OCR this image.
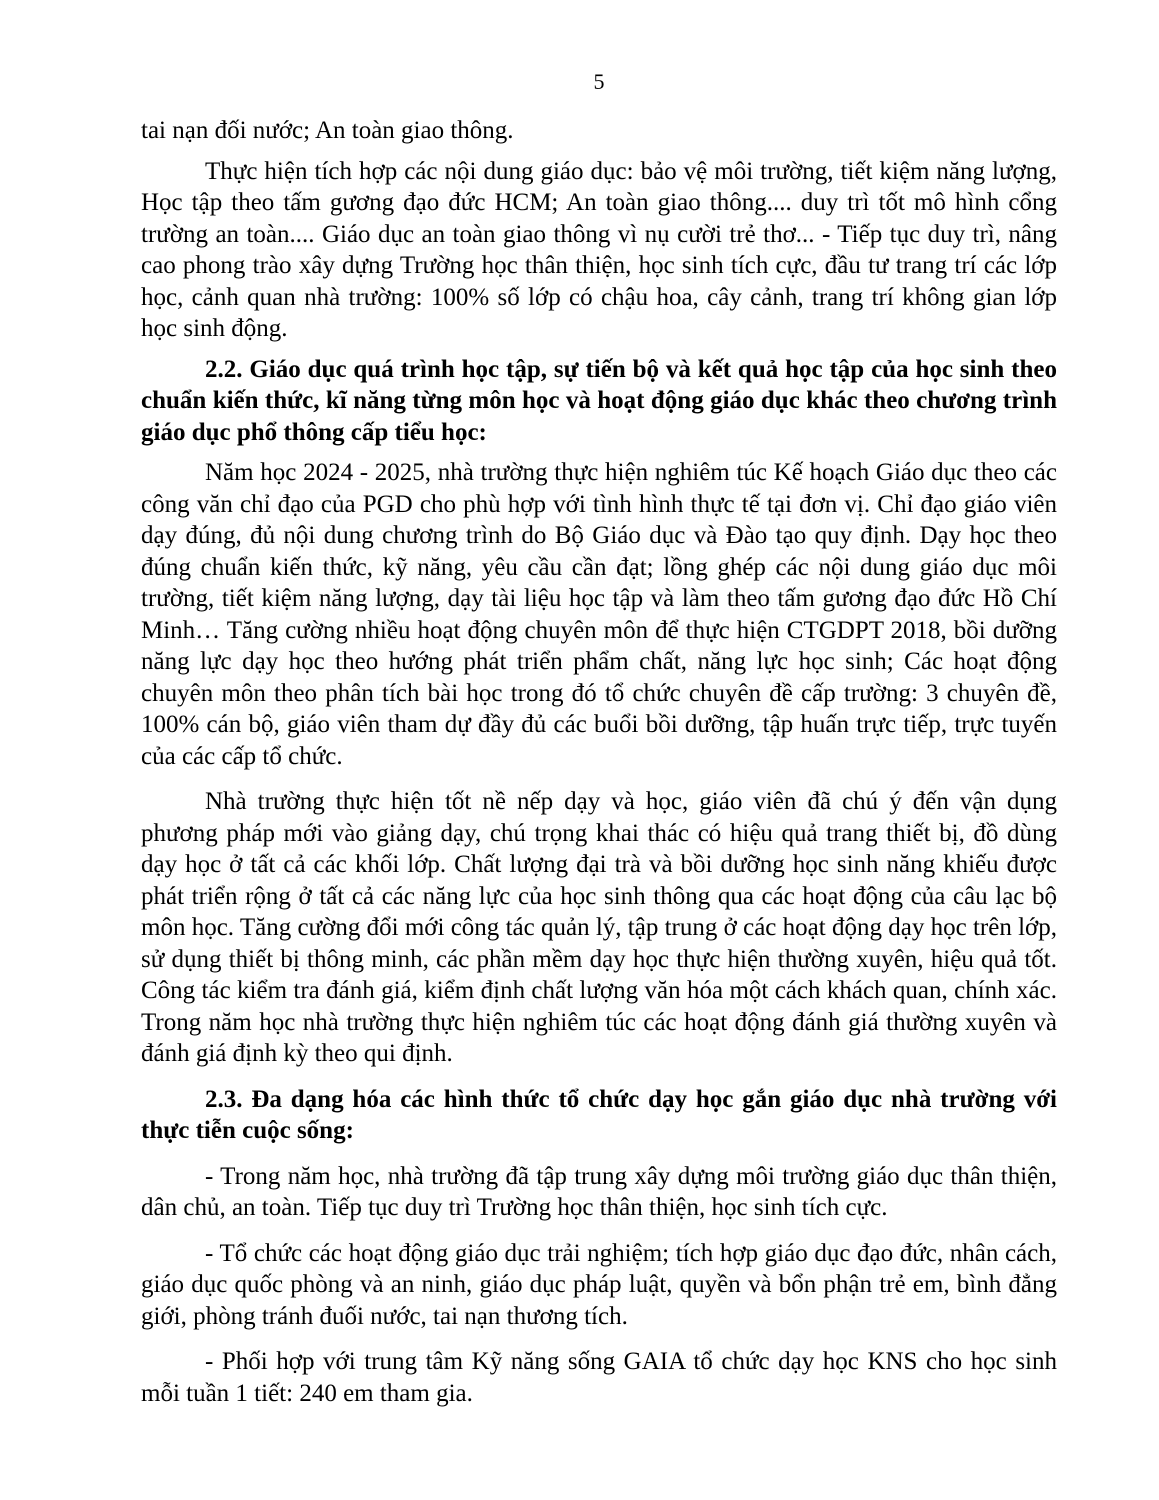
5

tai nạn đối nước; An toàn giao thông.

Thực hiện tích hợp các nội dung giáo dục: bảo vệ môi trường, tiết kiệm năng lượng, Học tập theo tấm gương đạo đức HCM; An toàn giao thông.... duy trì tốt mô hình cổng trường an toàn.... Giáo dục an toàn giao thông vì nụ cười trẻ thơ... - Tiếp tục duy trì, nâng cao phong trào xây dựng Trường học thân thiện, học sinh tích cực, đầu tư trang trí các lớp học, cảnh quan nhà trường: 100% số lớp có chậu hoa, cây cảnh, trang trí không gian lớp học sinh động.

2.2. Giáo dục quá trình học tập, sự tiến bộ và kết quả học tập của học sinh theo chuẩn kiến thức, kĩ năng từng môn học và hoạt động giáo dục khác theo chương trình giáo dục phổ thông cấp tiểu học:

Năm học 2024 - 2025, nhà trường thực hiện nghiêm túc Kế hoạch Giáo dục theo các công văn chỉ đạo của PGD cho phù hợp với tình hình thực tế tại đơn vị. Chỉ đạo giáo viên dạy đúng, đủ nội dung chương trình do Bộ Giáo dục và Đào tạo quy định. Dạy học theo đúng chuẩn kiến thức, kỹ năng, yêu cầu cần đạt; lồng ghép các nội dung giáo dục môi trường, tiết kiệm năng lượng, dạy tài liệu học tập và làm theo tấm gương đạo đức Hồ Chí Minh… Tăng cường nhiều hoạt động chuyên môn để thực hiện CTGDPT 2018, bồi dưỡng năng lực dạy học theo hướng phát triển phẩm chất, năng lực học sinh; Các hoạt động chuyên môn theo phân tích bài học trong đó tổ chức chuyên đề cấp trường: 3 chuyên đề, 100% cán bộ, giáo viên tham dự đầy đủ các buổi bồi dưỡng, tập huấn trực tiếp, trực tuyến của các cấp tổ chức.

Nhà trường thực hiện tốt nề nếp dạy và học, giáo viên đã chú ý đến vận dụng phương pháp mới vào giảng dạy, chú trọng khai thác có hiệu quả trang thiết bị, đồ dùng dạy học ở tất cả các khối lớp. Chất lượng đại trà và bồi dưỡng học sinh năng khiếu được phát triển rộng ở tất cả các năng lực của học sinh thông qua các hoạt động của câu lạc bộ môn học. Tăng cường đổi mới công tác quản lý, tập trung ở các hoạt động dạy học trên lớp, sử dụng thiết bị thông minh, các phần mềm dạy học thực hiện thường xuyên, hiệu quả tốt. Công tác kiểm tra đánh giá, kiểm định chất lượng văn hóa một cách khách quan, chính xác. Trong năm học nhà trường thực hiện nghiêm túc các hoạt động đánh giá thường xuyên và đánh giá định kỳ theo qui định.

2.3. Đa dạng hóa các hình thức tổ chức dạy học gắn giáo dục nhà trường với thực tiễn cuộc sống:

- Trong năm học, nhà trường đã tập trung xây dựng môi trường giáo dục thân thiện, dân chủ, an toàn. Tiếp tục duy trì Trường học thân thiện, học sinh tích cực.

- Tổ chức các hoạt động giáo dục trải nghiệm; tích hợp giáo dục đạo đức, nhân cách, giáo dục quốc phòng và an ninh, giáo dục pháp luật, quyền và bổn phận trẻ em, bình đẳng giới, phòng tránh đuối nước, tai nạn thương tích.

- Phối hợp với trung tâm Kỹ năng sống GAIA tổ chức dạy học KNS cho học sinh mỗi tuần 1 tiết: 240 em tham gia.
